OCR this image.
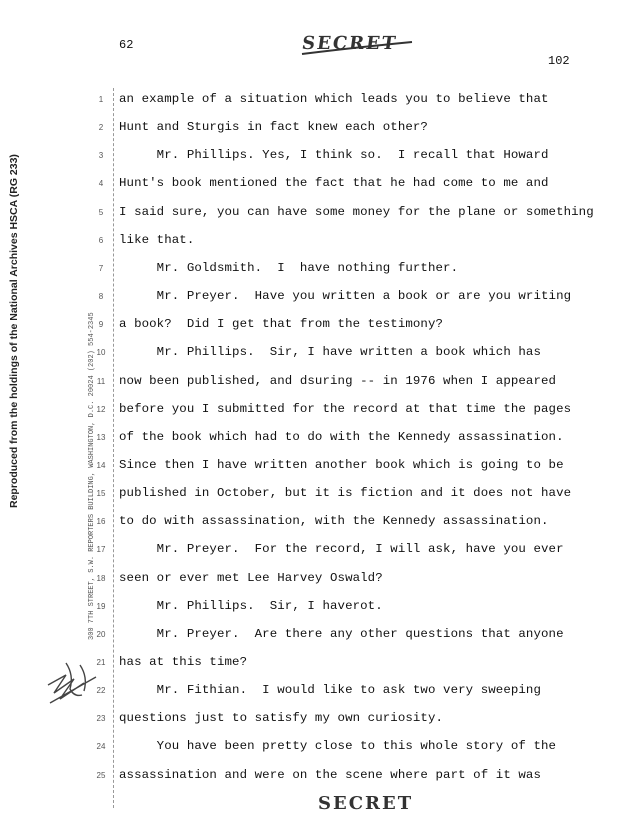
62
102
SECRET
Reproduced from the holdings of the National Archives HSCA (RG 233)	300 7TH STREET, S.W. REPORTERS BUILDING, WASHINGTON, D.C. 20024 (202) 554-2345
1	an example of a situation which leads you to believe that
2	Hunt and Sturgis in fact knew each other?
3	Mr. Phillips. Yes, I think so.  I recall that Howard
4	Hunt's book mentioned the fact that he had come to me and
5	I said sure, you can have some money for the plane or something
6	like that.
7	Mr. Goldsmith.  I  have nothing further.
8	Mr. Preyer.  Have you written a book or are you writing
9	a book?  Did I get that from the testimony?
10 Mr. Phillips.  Sir, I have written a book which has
11 now been published, and dsuring -- in 1976 when I appeared
12 before you I submitted for the record at that time the pages
13 of the book which had to do with the Kennedy assassination.
14 Since then I have written another book which is going to be
15 published in October, but it is fiction and it does not have
16 to do with assassination, with the Kennedy assassination.
17 Mr. Preyer.  For the record, I will ask, have you ever
18 seen or ever met Lee Harvey Oswald?
19 Mr. Phillips.  Sir, I haverot.
20 Mr. Preyer.  Are there any other questions that anyone
21 has at this time?
22 Mr. Fithian.  I would like to ask two very sweeping
23 questions just to satisfy my own curiosity.
24 You have been pretty close to this whole story of the
25 assassination and were on the scene where part of it was
SECRET
